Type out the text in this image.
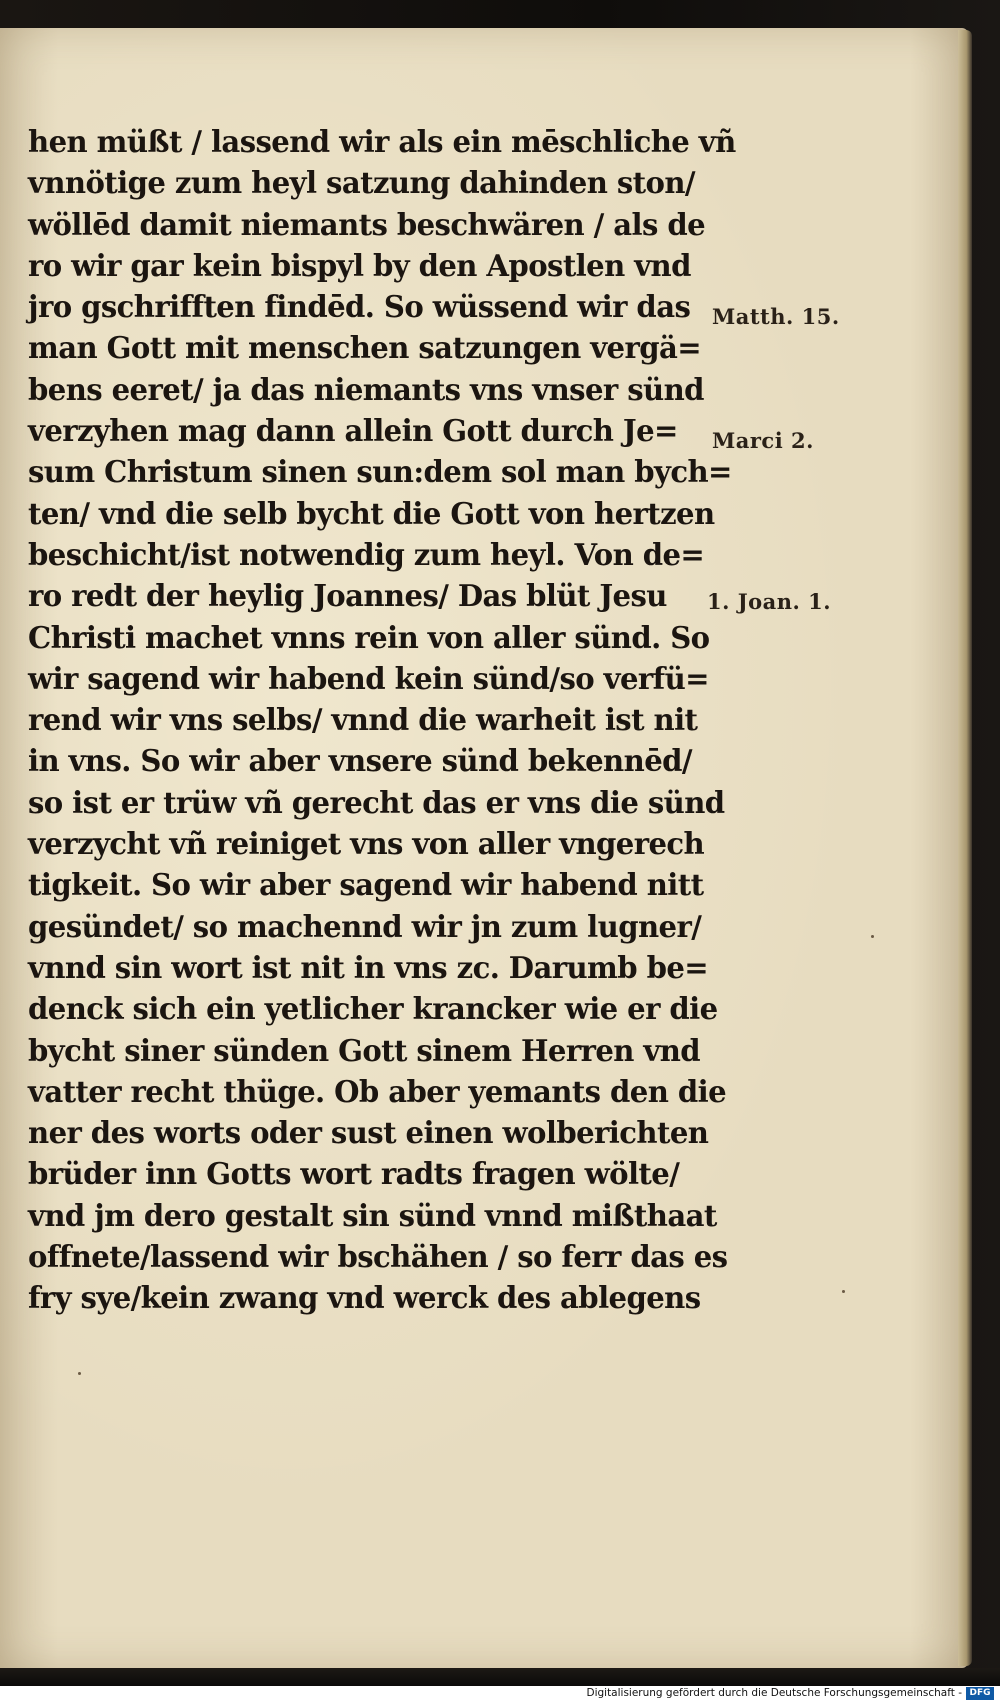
hen müßt / lassend wir als ein mēschliche vñ
vnnötige zum heyl satzung dahinden ston/
wöllēd damit niemants beschwären / als de
ro wir gar kein bispyl by den Apostlen vnd
jro gschrifften findēd. So wüssend wir das
man Gott mit menschen satzungen vergä=
bens eeret/ ja das niemants vns vnser sünd
verzyhen mag dann allein Gott durch Je=
sum Christum sinen sun:dem sol man bych=
ten/ vnd die selb bycht die Gott von hertzen
beschicht/ist notwendig zum heyl. Von de=
ro redt der heylig Joannes/ Das blüt Jesu
Christi machet vnns rein von aller sünd. So
wir sagend wir habend kein sünd/so verfü=
rend wir vns selbs/ vnnd die warheit ist nit
in vns. So wir aber vnsere sünd bekennēd/
so ist er trüw vñ gerecht das er vns die sünd
verzycht vñ reiniget vns von aller vngerech
tigkeit. So wir aber sagend wir habend nitt
gesündet/ so machennd wir jn zum lugner/
vnnd sin wort ist nit in vns zc. Darumb be=
denck sich ein yetlicher krancker wie er die
bycht siner sünden Gott sinem Herren vnd
vatter recht thüge. Ob aber yemants den die
ner des worts oder sust einen wolberichten
brüder inn Gotts wort radts fragen wölte/
vnd jm dero gestalt sin sünd vnnd mißthaat
offnete/lassend wir bschähen / so ferr das es
fry sye/kein zwang vnd werck des ablegens
Matth. 15.
Marci 2.
1. Joan. 1.
Digitalisierung gefördert durch die Deutsche Forschungsgemeinschaft - DFG
